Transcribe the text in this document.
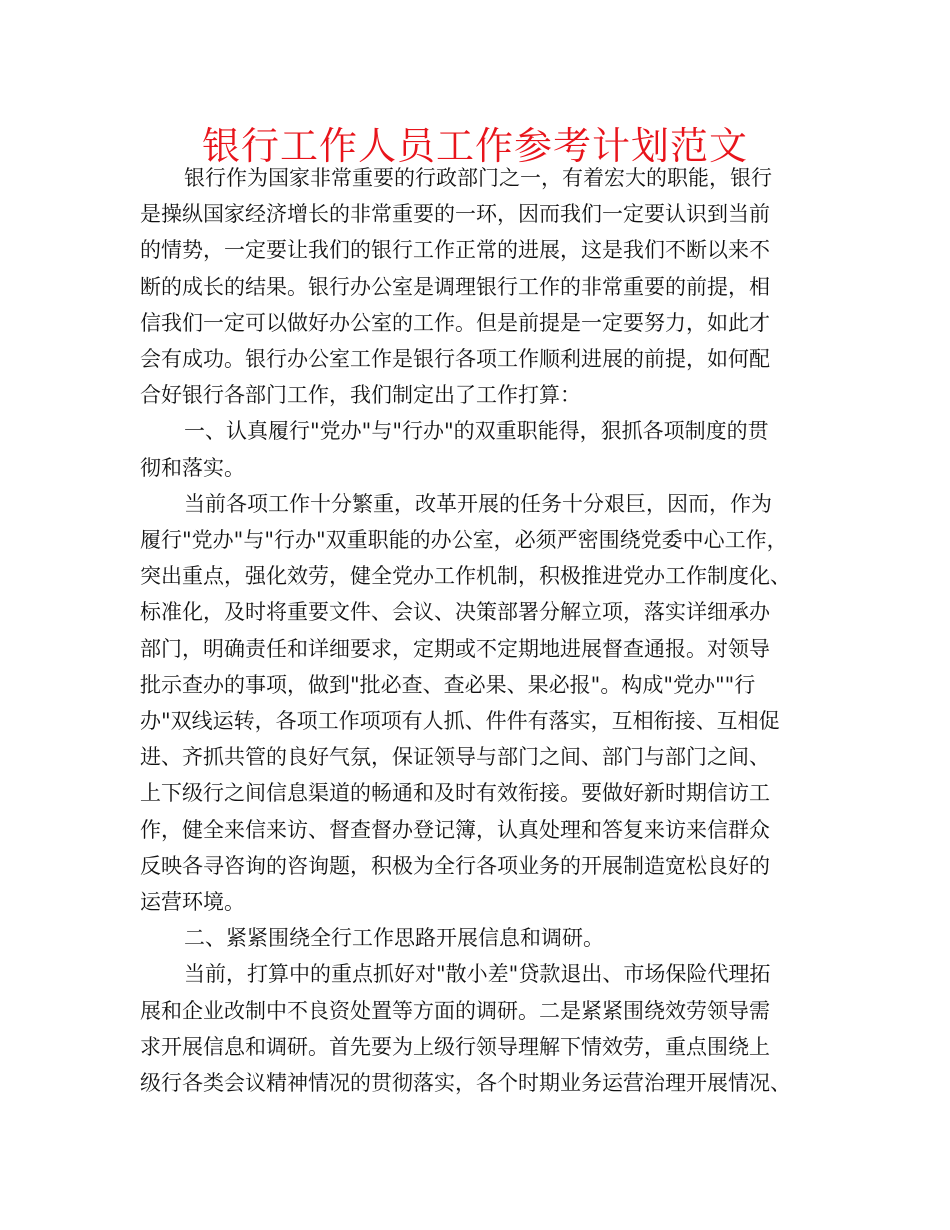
银行工作人员工作参考计划范文
银行作为国家非常重要的行政部门之一，有着宏大的职能，银行
是操纵国家经济增长的非常重要的一环，因而我们一定要认识到当前
的情势，一定要让我们的银行工作正常的进展，这是我们不断以来不
断的成长的结果。银行办公室是调理银行工作的非常重要的前提，相
信我们一定可以做好办公室的工作。但是前提是一定要努力，如此才
会有成功。银行办公室工作是银行各项工作顺利进展的前提，如何配
合好银行各部门工作，我们制定出了工作打算：
一、认真履行"党办"与"行办"的双重职能得，狠抓各项制度的贯
彻和落实。
当前各项工作十分繁重，改革开展的任务十分艰巨，因而，作为
履行"党办"与"行办"双重职能的办公室，必须严密围绕党委中心工作，
突出重点，强化效劳，健全党办工作机制，积极推进党办工作制度化、
标准化，及时将重要文件、会议、决策部署分解立项，落实详细承办
部门，明确责任和详细要求，定期或不定期地进展督查通报。对领导
批示查办的事项，做到"批必查、查必果、果必报"。构成"党办""行
办"双线运转，各项工作项项有人抓、件件有落实，互相衔接、互相促
进、齐抓共管的良好气氛，保证领导与部门之间、部门与部门之间、
上下级行之间信息渠道的畅通和及时有效衔接。要做好新时期信访工
作，健全来信来访、督查督办登记簿，认真处理和答复来访来信群众
反映各寻咨询的咨询题，积极为全行各项业务的开展制造宽松良好的
运营环境。
二、紧紧围绕全行工作思路开展信息和调研。
当前，打算中的重点抓好对"散小差"贷款退出、市场保险代理拓
展和企业改制中不良资处置等方面的调研。二是紧紧围绕效劳领导需
求开展信息和调研。首先要为上级行领导理解下情效劳，重点围绕上
级行各类会议精神情况的贯彻落实，各个时期业务运营治理开展情况、
